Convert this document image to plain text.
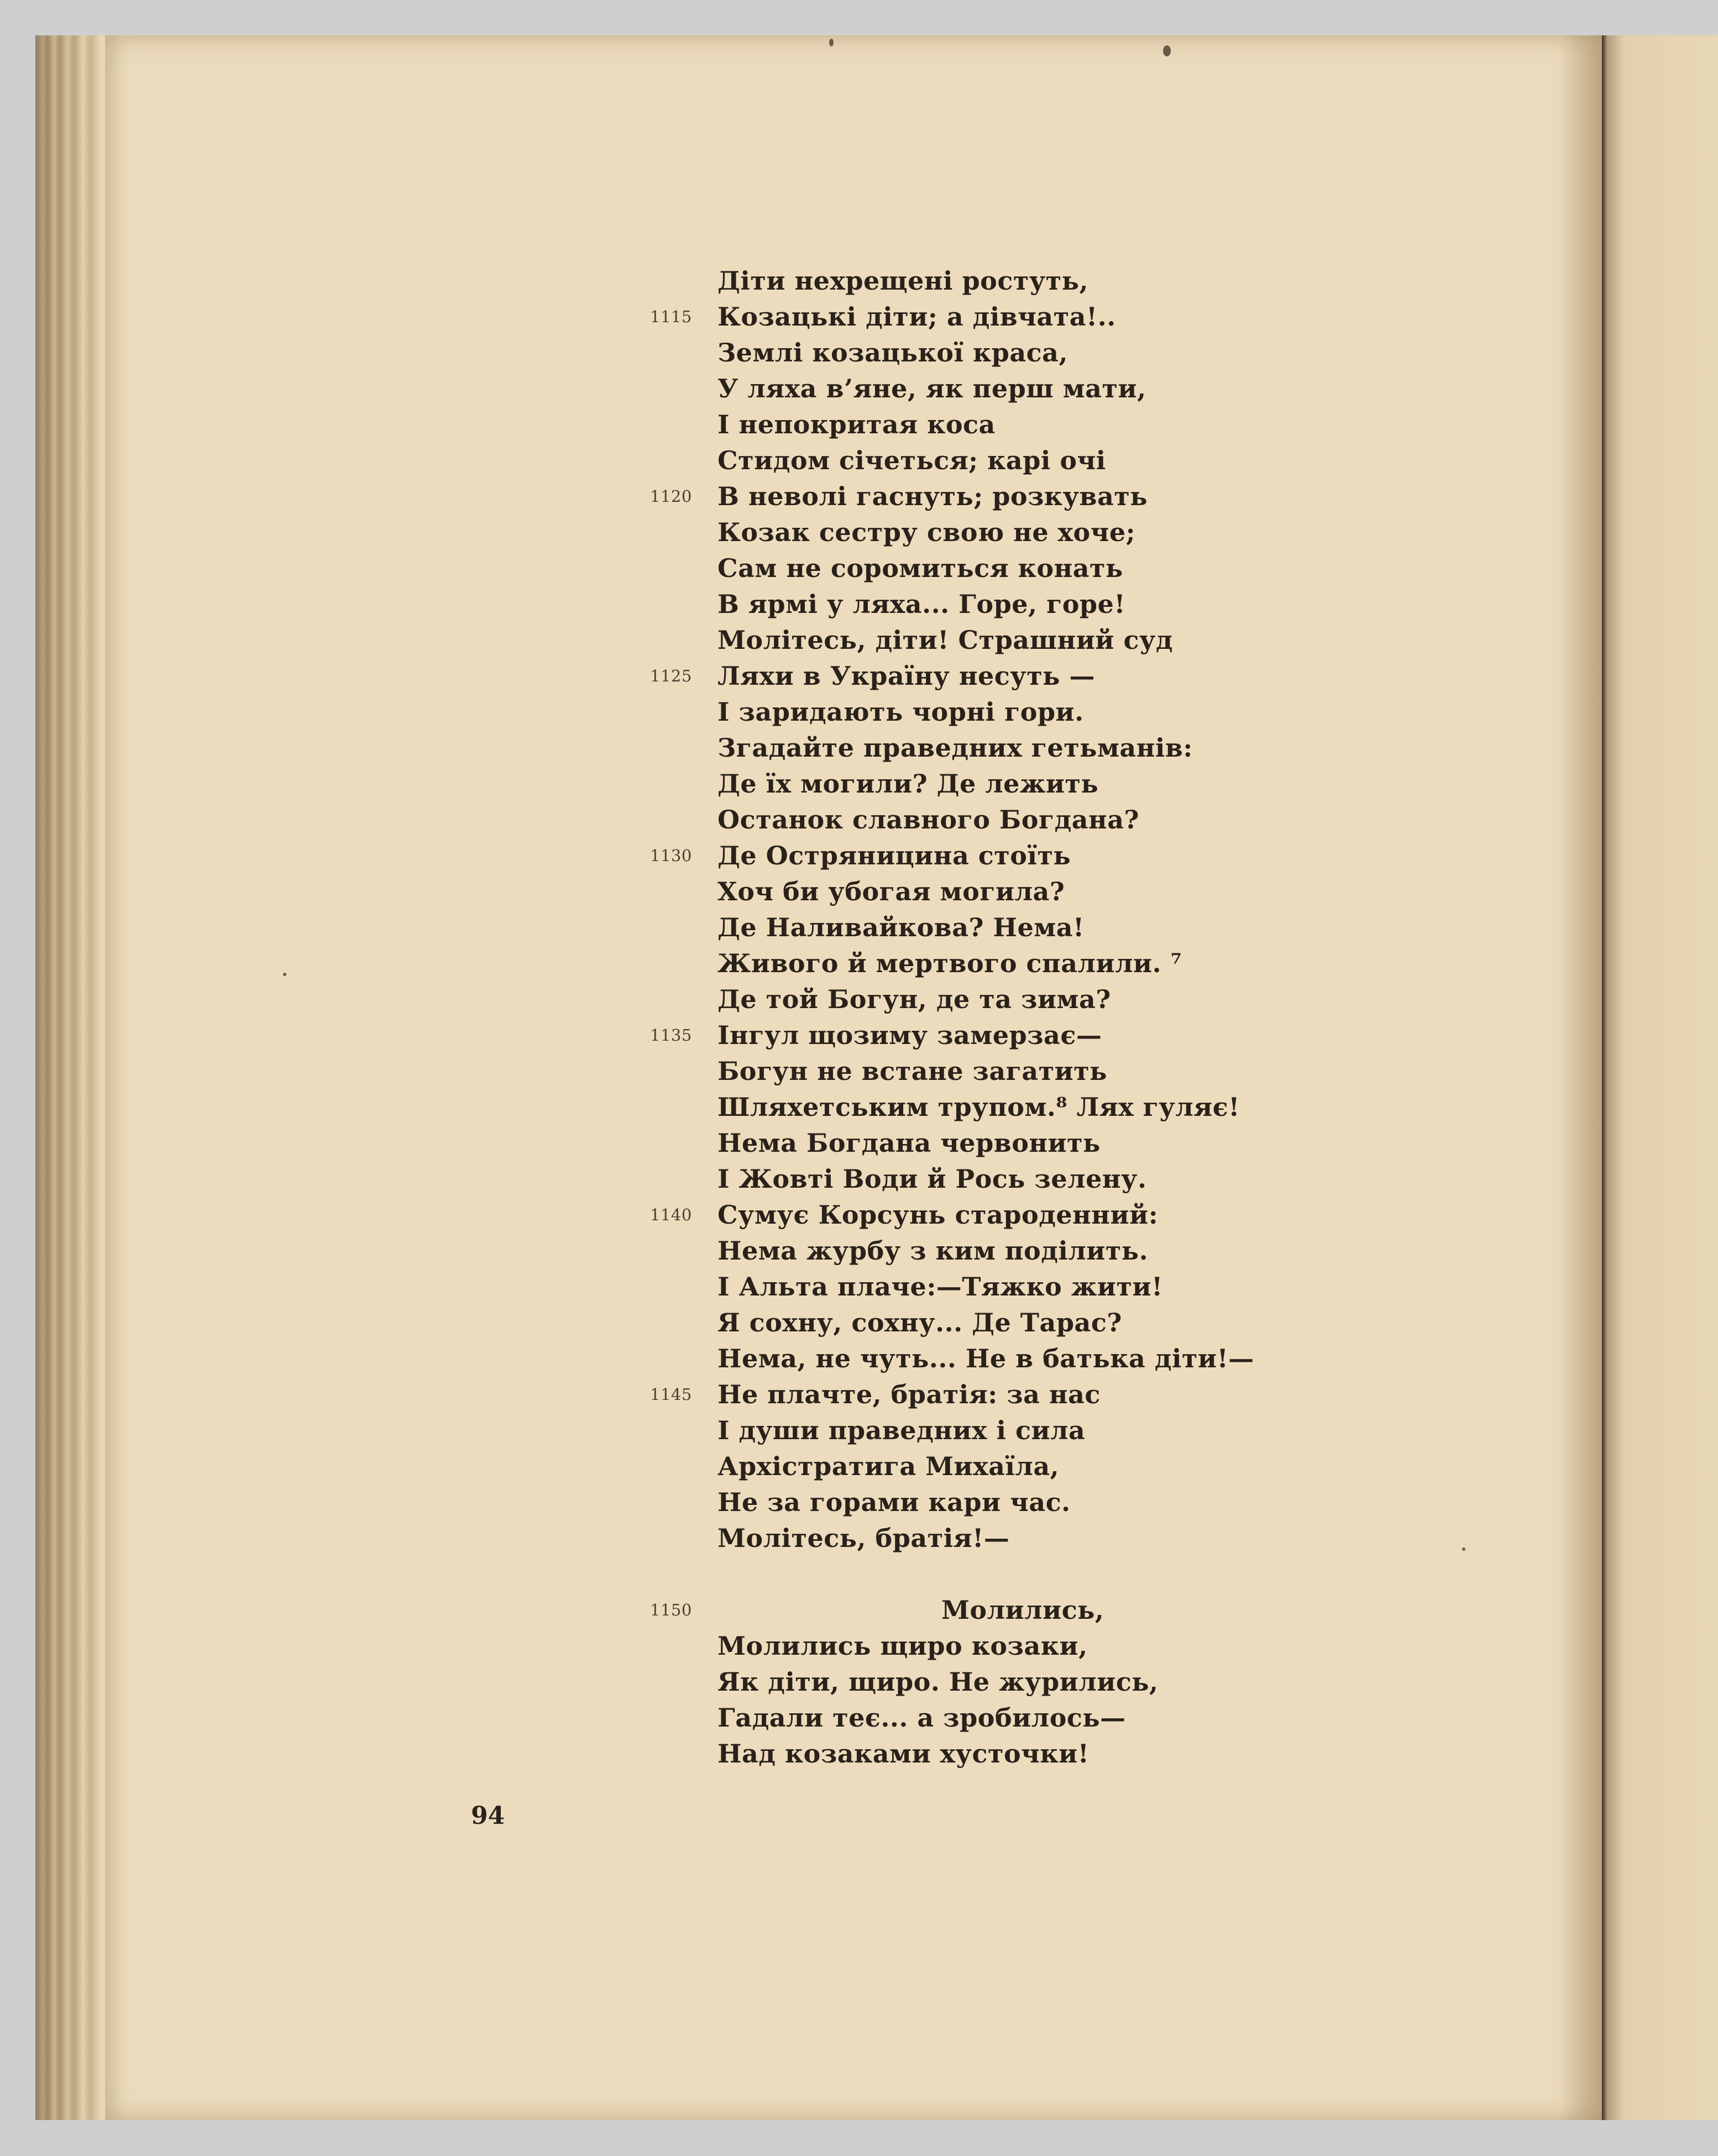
Діти нехрещені ростуть,
1115	Козацькі діти; а дівчата!..
Землі козацької краса,
У ляха в’яне, як перш мати,
І непокритая коса
Стидом січеться; карі очі
1120	В неволі гаснуть; розкувать
Козак сестру свою не хоче;
Сам не соромиться конать
В ярмі у ляха... Горе, горе!
Молітесь, діти! Страшний суд
1125	Ляхи в Украïну несуть —
І заридають чорні гори.
Згадайте праведних гетьманів:
Де ïх могили? Де лежить
Останок славного Богдана?
1130	Де Остряницина стоïть
Хоч би убогая могила?
Де Наливайкова? Нема!
Живого й мертвого спалили. ⁷
Де той Богун, де та зима?
1135	Інгул щозиму замерзає—
Богун не встане загатить
Шляхетським трупом.⁸ Лях гуляє!
Нема Богдана червонить
І Жовті Води й Рось зелену.
1140	Сумує Корсунь староденний:
Нема журбу з ким поділить.
І Альта плаче:—Тяжко жити!
Я сохну, сохну... Де Тарас?
Нема, не чуть... Не в батька діти!—
1145	Не плачте, братія: за нас
І души праведних і сила
Архістратига Михаïла,
Не за горами кари час.
Молітесь, братія!—
1150	Молились,
Молились щиро козаки,
Як діти, щиро. Не журились,
Гадали теє... а зробилось—
Над козаками хусточки!
94
